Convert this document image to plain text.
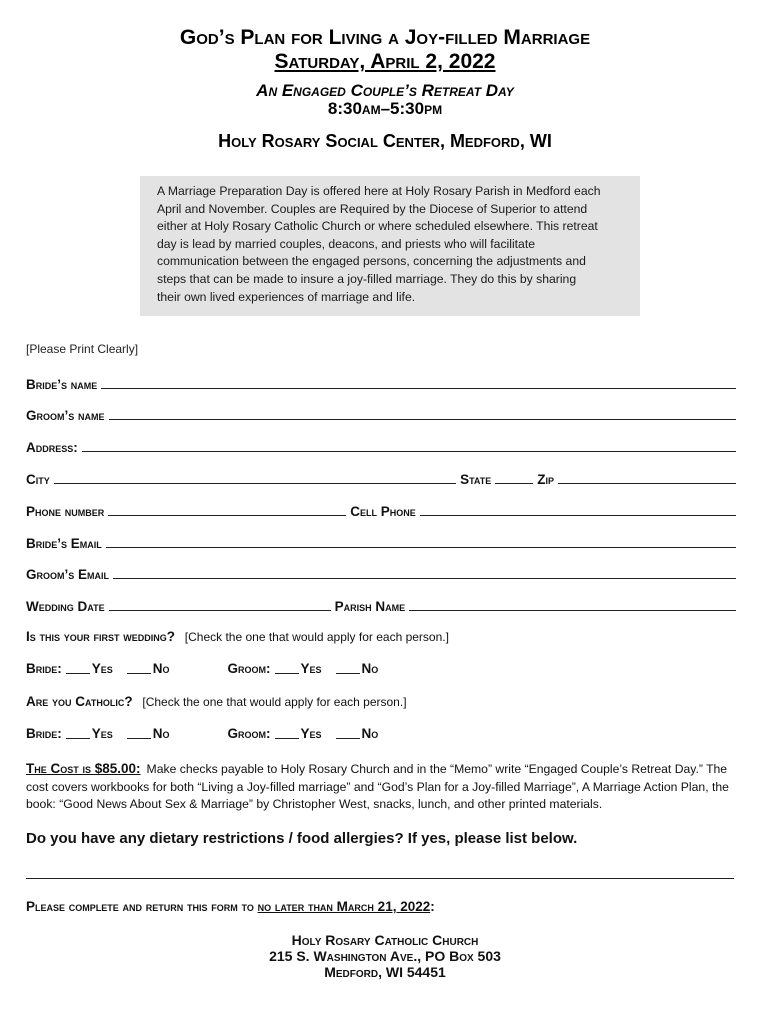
God’s Plan for Living a Joy-filled Marriage
Saturday, April 2, 2022
An Engaged Couple’s Retreat Day
8:30am–5:30pm
Holy Rosary Social Center, Medford, WI
A Marriage Preparation Day is offered here at Holy Rosary Parish in Medford each
April and November. Couples are Required by the Diocese of Superior to attend
either at Holy Rosary Catholic Church or where scheduled elsewhere. This retreat
day is lead by married couples, deacons, and priests who will facilitate
communication between the engaged persons, concerning the adjustments and
steps that can be made to insure a joy-filled marriage. They do this by sharing
their own lived experiences of marriage and life.
[Please Print Clearly]
Bride’s name
Groom’s name
Address:
City	State	Zip
Phone number	Cell Phone
Bride’s Email
Groom’s Email
Wedding Date	Parish Name
Is this your first wedding? [Check the one that would apply for each person.]
Bride: Yes	No	Groom: Yes	No
Are you Catholic? [Check the one that would apply for each person.]
Bride: Yes	No	Groom: Yes	No
The Cost is $85.00: Make checks payable to Holy Rosary Church and in the “Memo” write “Engaged Couple’s Retreat Day.” The cost covers workbooks for both “Living a Joy-filled marriage” and “God’s Plan for a Joy-filled Marriage”, A Marriage Action Plan, the book: “Good News About Sex & Marriage” by Christopher West, snacks, lunch, and other printed materials.
Do you have any dietary restrictions / food allergies? If yes, please list below.
Please complete and return this form to no later than March 21, 2022:
Holy Rosary Catholic Church
215 S. Washington Ave., PO Box 503
Medford, WI 54451
